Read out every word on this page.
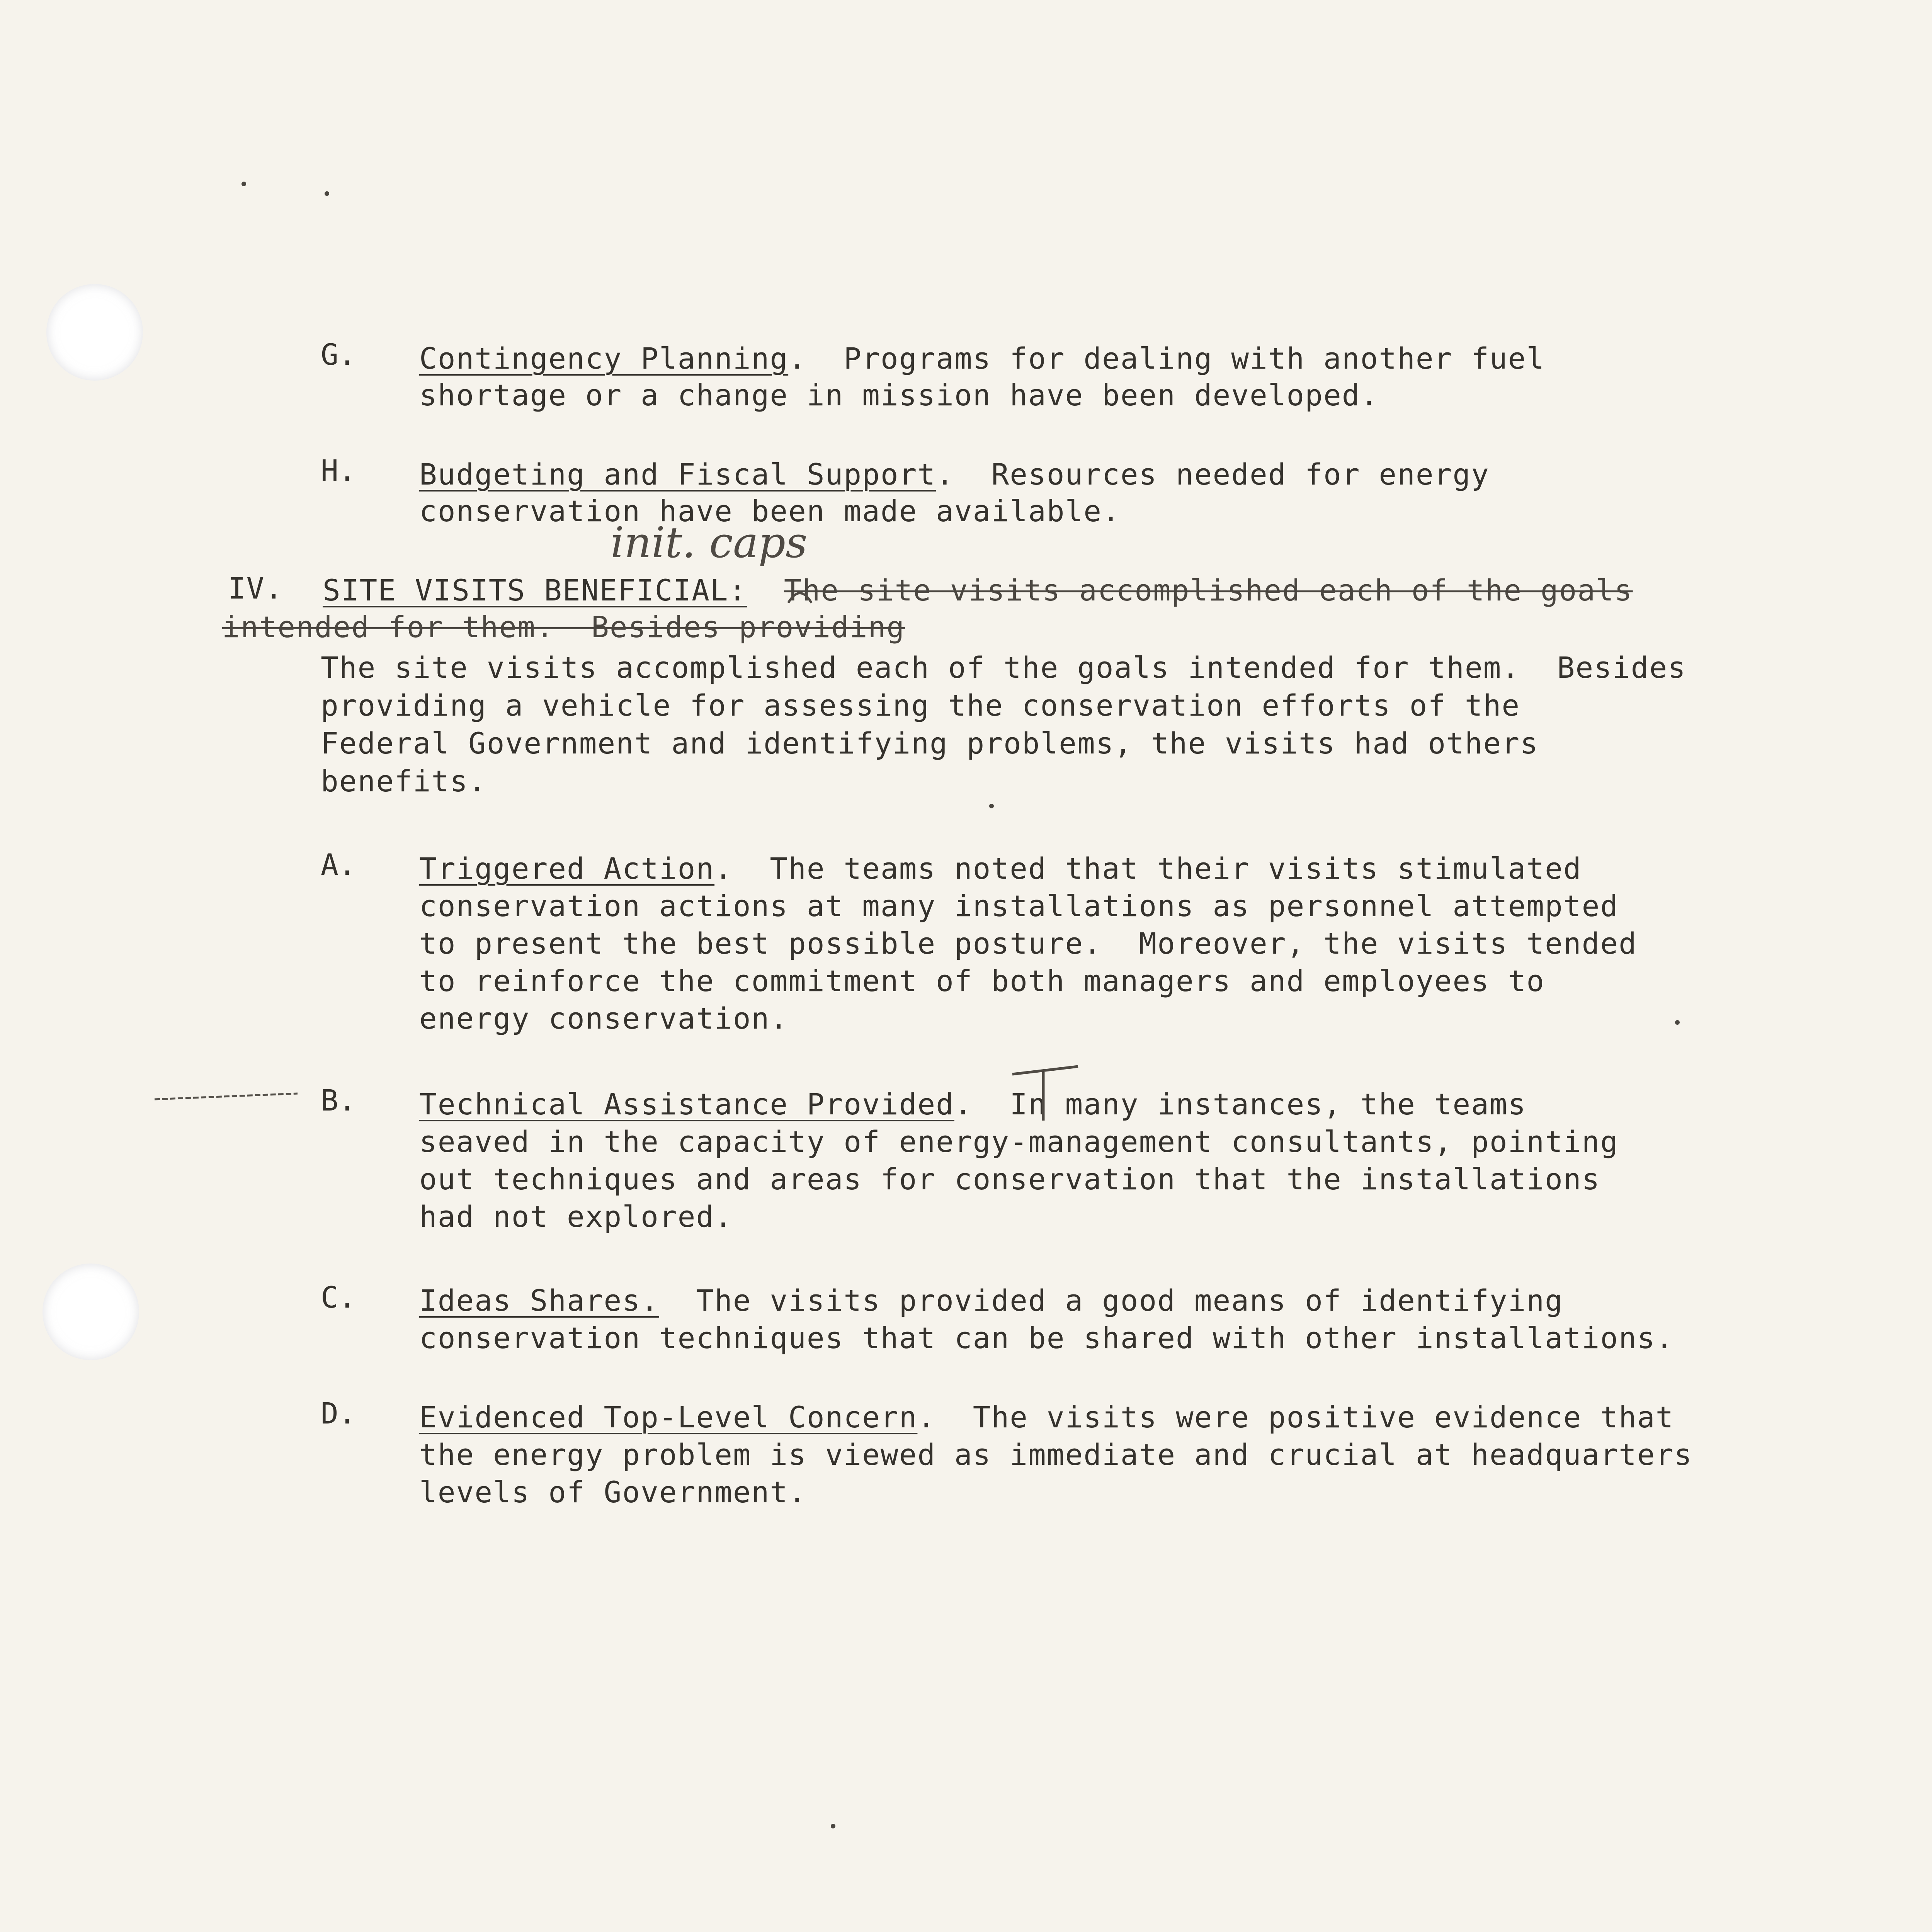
G. Contingency Planning.  Programs for dealing with another fuel
shortage or a change in mission have been developed.
H. Budgeting and Fiscal Support.  Resources needed for energy
conservation have been made available.
IV. SITE VISITS BENEFICIAL: The site visits accomplished each of the goals
intended for them.  Besides providing
init. caps
The site visits accomplished each of the goals intended for them.  Besides
providing a vehicle for assessing the conservation efforts of the
Federal Government and identifying problems, the visits had others
benefits.
A. Triggered Action.  The teams noted that their visits stimulated
conservation actions at many installations as personnel attempted
to present the best possible posture.  Moreover, the visits tended
to reinforce the commitment of both managers and employees to
energy conservation.
B. Technical Assistance Provided.  In many instances, the teams
seaved in the capacity of energy-management consultants, pointing
out techniques and areas for conservation that the installations
had not explored.
C. Ideas Shares.  The visits provided a good means of identifying
conservation techniques that can be shared with other installations.
D. Evidenced Top-Level Concern.  The visits were positive evidence that
the energy problem is viewed as immediate and crucial at headquarters
levels of Government.
